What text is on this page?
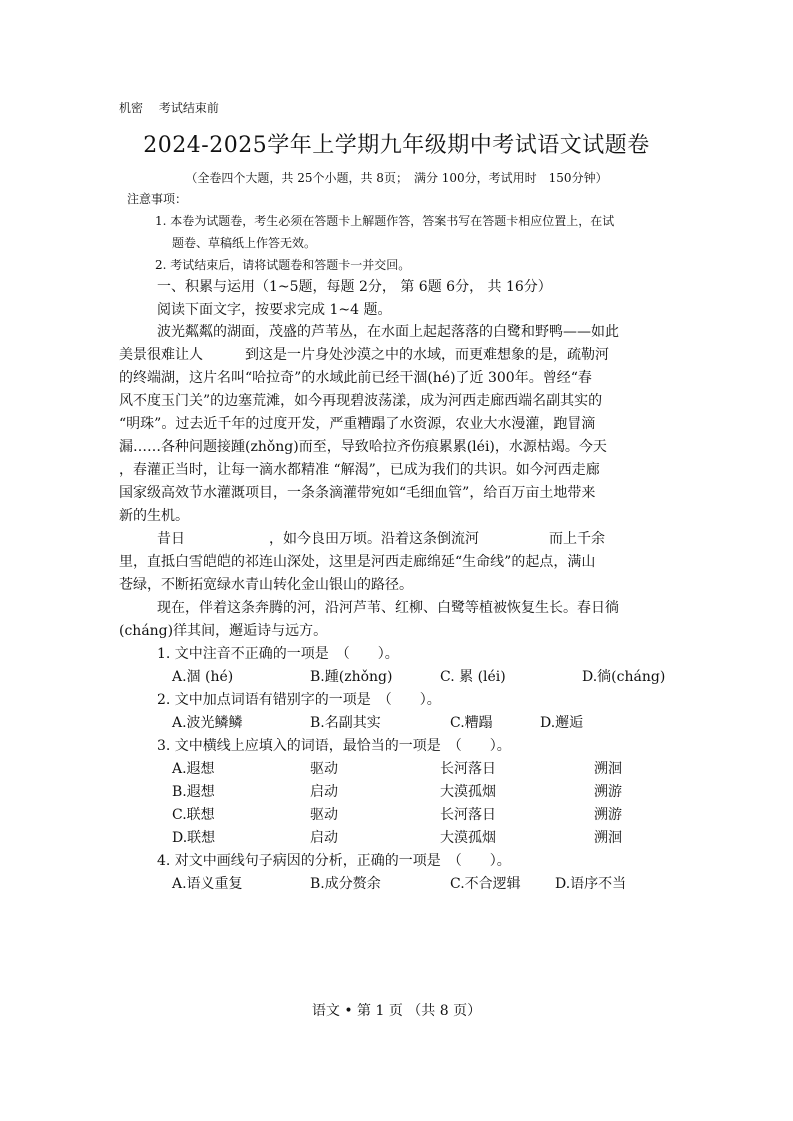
机密　 考试结束前
2024-2025学年上学期九年级期中考试语文试题卷
（全卷四个大题，共 25个小题，共 8页；　满分 100分，考试用时　150分钟）
注意事项：
1. 本卷为试题卷，考生必须在答题卡上解题作答，答案书写在答题卡相应位置上，在试
题卷、草稿纸上作答无效。
2. 考试结束后，请将试题卷和答题卡一并交回。
一、积累与运用（1~5题，每题 2分， 第 6题 6分， 共 16分）
阅读下面文字，按要求完成 1~4 题。
波光粼粼的湖面，茂盛的芦苇丛，在水面上起起落落的白鹭和野鸭——如此
美景很难让人　　　到这是一片身处沙漠之中的水域，而更难想象的是，疏勒河
的终端湖，这片名叫“哈拉奇”的水域此前已经干涸(hé)了近 300年。曾经“春
风不度玉门关”的边塞荒滩，如今再现碧波荡漾，成为河西走廊西端名副其实的
“明珠”。过去近千年的过度开发，严重糟蹋了水资源，农业大水漫灌，跑冒滴
漏……各种问题接踵(zhǒng)而至，导致哈拉齐伤痕累累(léi)，水源枯竭。今天
，春灌正当时，让每一滴水都精准 “解渴”，已成为我们的共识。如今河西走廊
国家级高效节水灌溉项目，一条条滴灌带宛如“毛细血管”，给百万亩土地带来
新的生机。
昔日　　　　　　，如今良田万顷。沿着这条倒流河　　　　　而上千余
里，直抵白雪皑皑的祁连山深处，这里是河西走廊绵延“生命线”的起点，满山
苍绿，不断拓宽绿水青山转化金山银山的路径。
现在，伴着这条奔腾的河，沿河芦苇、红柳、白鹭等植被恢复生长。春日徜
(cháng)徉其间，邂逅诗与远方。
1. 文中注音不正确的一项是　（　　）。
A.涸 (hé)	B.踵(zhǒng)	C. 累 (léi)	D.徜(cháng)
2. 文中加点词语有错别字的一项是　（　　）。
A.波光鳞鳞	B.名副其实	C.糟蹋	D.邂逅
3. 文中横线上应填入的词语，最恰当的一项是　（　　）。
A.遐想	驱动	长河落日	溯洄
B.遐想	启动	大漠孤烟	溯游
C.联想	驱动	长河落日	溯游
D.联想	启动	大漠孤烟	溯洄
4. 对文中画线句子病因的分析，正确的一项是　（　　）。
A.语义重复	B.成分赘余	C.不合逻辑 D.语序不当
语文 • 第 1 页 （共 8 页）
